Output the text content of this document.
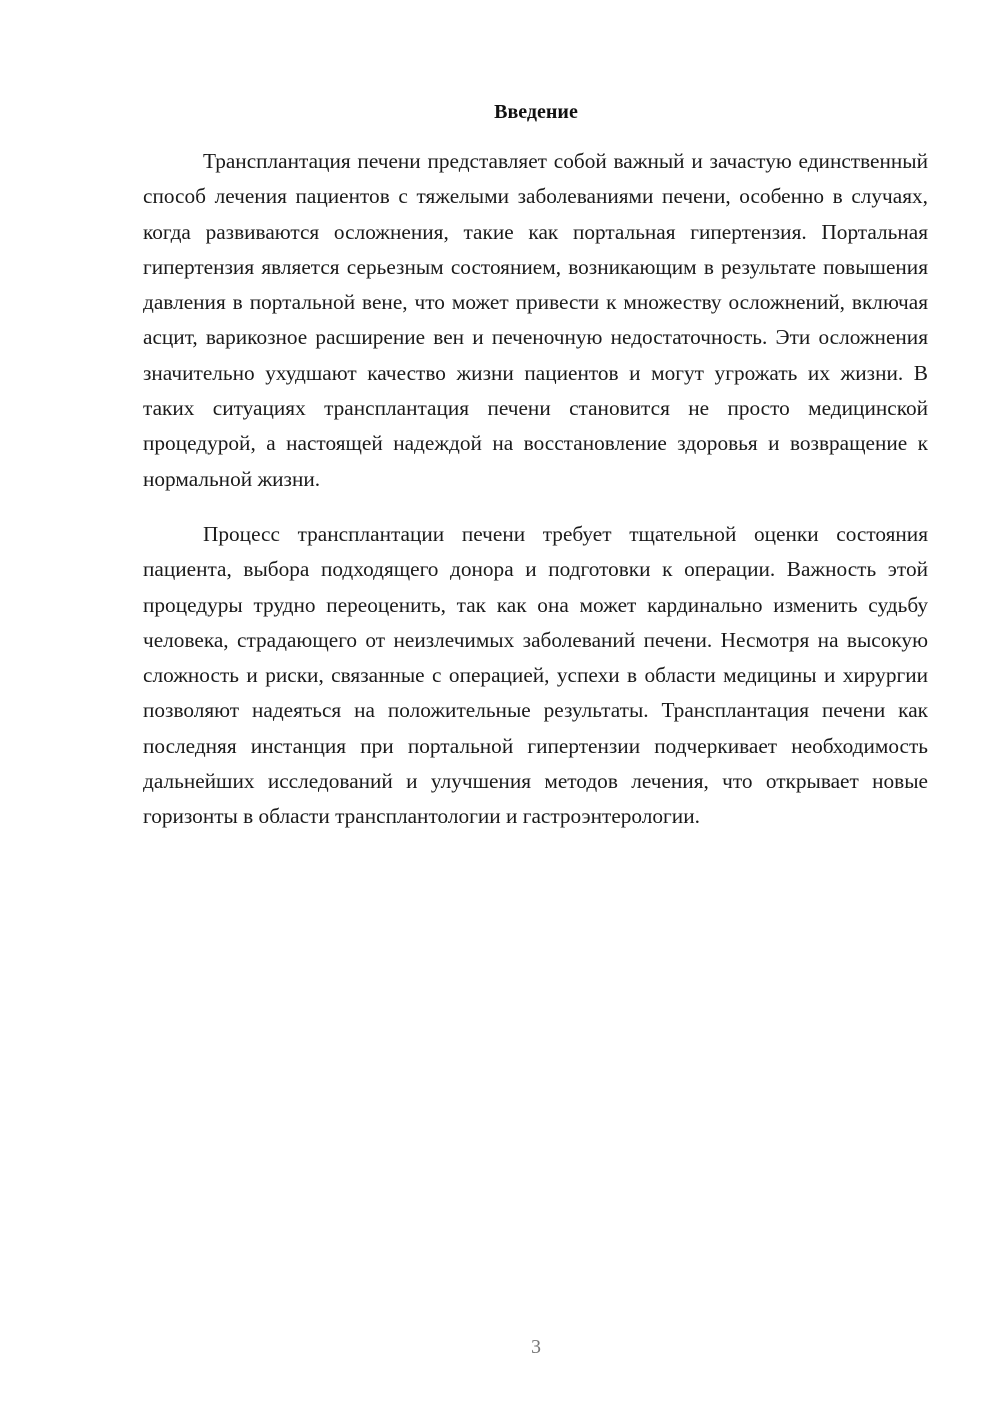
Введение

Трансплантация печени представляет собой важный и зачастую единственный способ лечения пациентов с тяжелыми заболеваниями печени, особенно в случаях, когда развиваются осложнения, такие как портальная гипертензия. Портальная гипертензия является серьезным состоянием, возникающим в результате повышения давления в портальной вене, что может привести к множеству осложнений, включая асцит, варикозное расширение вен и печеночную недостаточность. Эти осложнения значительно ухудшают качество жизни пациентов и могут угрожать их жизни. В таких ситуациях трансплантация печени становится не просто медицинской процедурой, а настоящей надеждой на восстановление здоровья и возвращение к нормальной жизни.

Процесс трансплантации печени требует тщательной оценки состояния пациента, выбора подходящего донора и подготовки к операции. Важность этой процедуры трудно переоценить, так как она может кардинально изменить судьбу человека, страдающего от неизлечимых заболеваний печени. Несмотря на высокую сложность и риски, связанные с операцией, успехи в области медицины и хирургии позволяют надеяться на положительные результаты. Трансплантация печени как последняя инстанция при портальной гипертензии подчеркивает необходимость дальнейших исследований и улучшения методов лечения, что открывает новые горизонты в области трансплантологии и гастроэнтерологии.

3
